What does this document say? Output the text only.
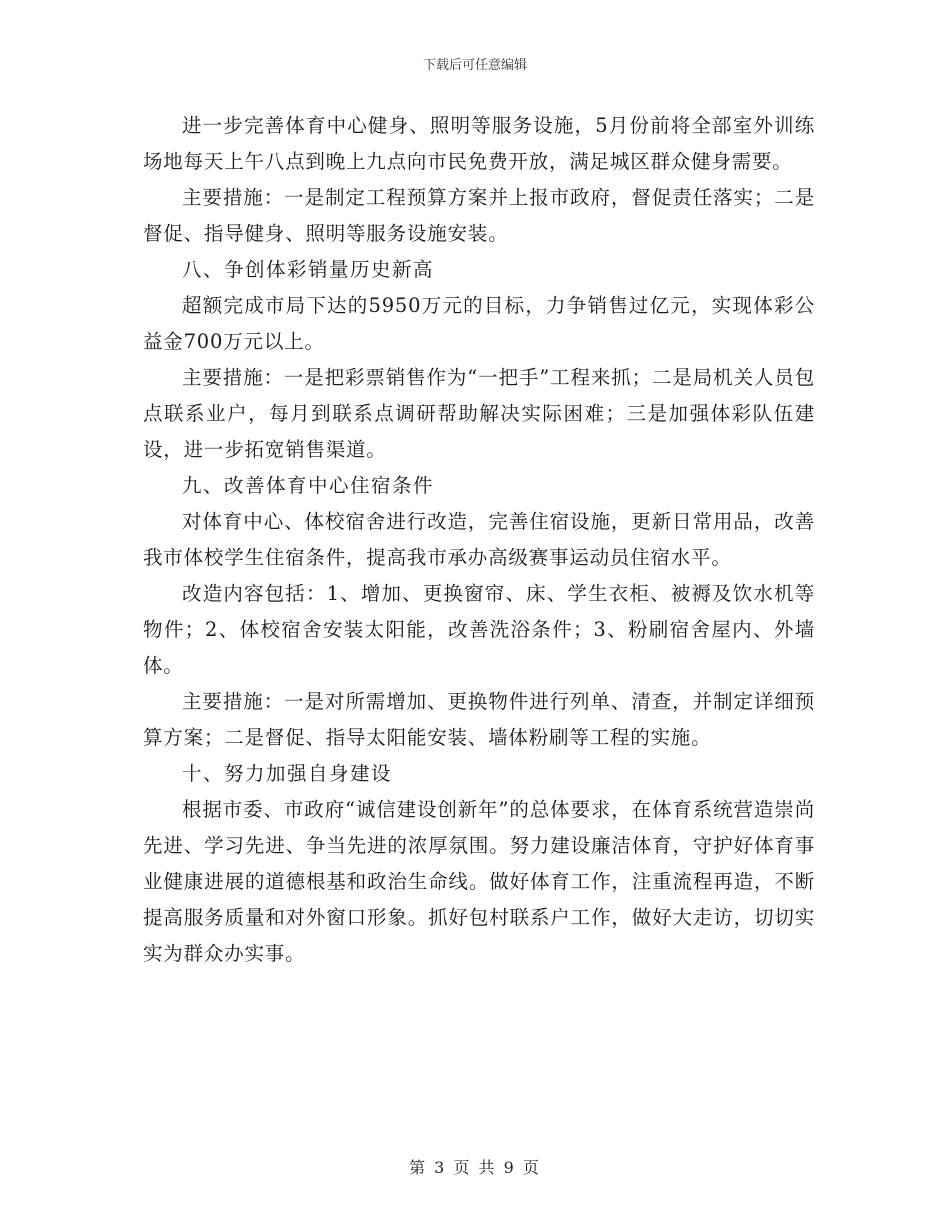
下载后可任意编辑

进一步完善体育中心健身、照明等服务设施，5月份前将全部室外训练场地每天上午八点到晚上九点向市民免费开放，满足城区群众健身需要。

主要措施：一是制定工程预算方案并上报市政府，督促责任落实；二是督促、指导健身、照明等服务设施安装。

八、争创体彩销量历史新高

超额完成市局下达的5950万元的目标，力争销售过亿元，实现体彩公益金700万元以上。

主要措施：一是把彩票销售作为“一把手”工程来抓；二是局机关人员包点联系业户，每月到联系点调研帮助解决实际困难；三是加强体彩队伍建设，进一步拓宽销售渠道。

九、改善体育中心住宿条件

对体育中心、体校宿舍进行改造，完善住宿设施，更新日常用品，改善我市体校学生住宿条件，提高我市承办高级赛事运动员住宿水平。

改造内容包括：1、增加、更换窗帘、床、学生衣柜、被褥及饮水机等物件；2、体校宿舍安装太阳能，改善洗浴条件；3、粉刷宿舍屋内、外墙体。

主要措施：一是对所需增加、更换物件进行列单、清查，并制定详细预算方案；二是督促、指导太阳能安装、墙体粉刷等工程的实施。

十、努力加强自身建设

根据市委、市政府“诚信建设创新年”的总体要求，在体育系统营造崇尚先进、学习先进、争当先进的浓厚氛围。努力建设廉洁体育，守护好体育事业健康进展的道德根基和政治生命线。做好体育工作，注重流程再造，不断提高服务质量和对外窗口形象。抓好包村联系户工作，做好大走访，切切实实为群众办实事。

第 3 页 共 9 页
